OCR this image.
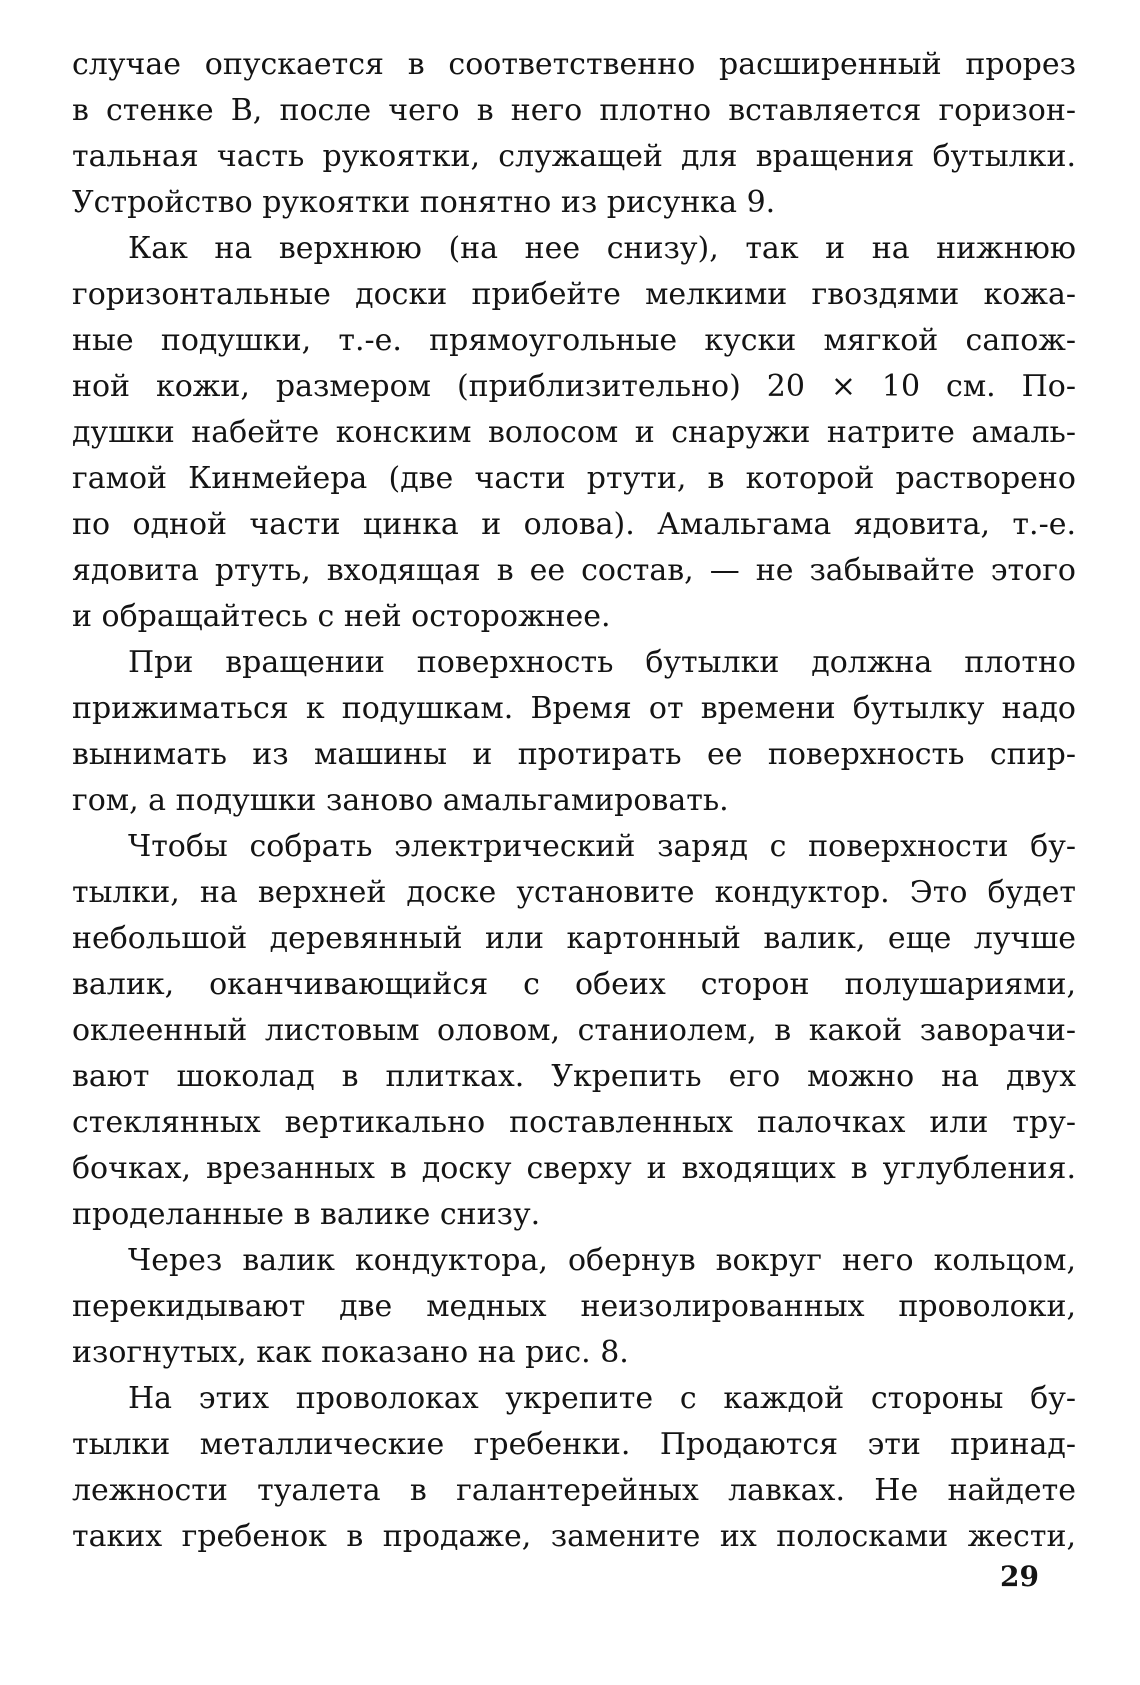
случае опускается в соответственно расширенный прорез
в стенке B, после чего в него плотно вставляется горизон-
тальная часть рукоятки, служащей для вращения бутылки.
Устройство рукоятки понятно из рисунка 9.
Как на верхнюю (на нее снизу), так и на нижнюю
горизонтальные доски прибейте мелкими гвоздями кожа-
ные подушки, т.-е. прямоугольные куски мягкой сапож-
ной кожи, размером (приблизительно) 20 × 10 см. По-
душки набейте конским волосом и снаружи натрите амаль-
гамой Кинмейера (две части ртути, в которой растворено
по одной части цинка и олова). Амальгама ядовита, т.-е.
ядовита ртуть, входящая в ее состав, — не забывайте этого
и обращайтесь с ней осторожнее.
При вращении поверхность бутылки должна плотно
прижиматься к подушкам. Время от времени бутылку надо
вынимать из машины и протирать ее поверхность спир-
гом, а подушки заново амальгамировать.
Чтобы собрать электрический заряд с поверхности бу-
тылки, на верхней доске установите кондуктор. Это будет
небольшой деревянный или картонный валик, еще лучше
валик, оканчивающийся с обеих сторон полушариями,
оклеенный листовым оловом, станиолем, в какой заворачи-
вают шоколад в плитках. Укрепить его можно на двух
стеклянных вертикально поставленных палочках или тру-
бочках, врезанных в доску сверху и входящих в углубления.
проделанные в валике снизу.
Через валик кондуктора, обернув вокруг него кольцом,
перекидывают две медных неизолированных проволоки,
изогнутых, как показано на рис. 8.
На этих проволоках укрепите с каждой стороны бу-
тылки металлические гребенки. Продаются эти принад-
лежности туалета в галантерейных лавках. Не найдете
таких гребенок в продаже, замените их полосками жести,
29
